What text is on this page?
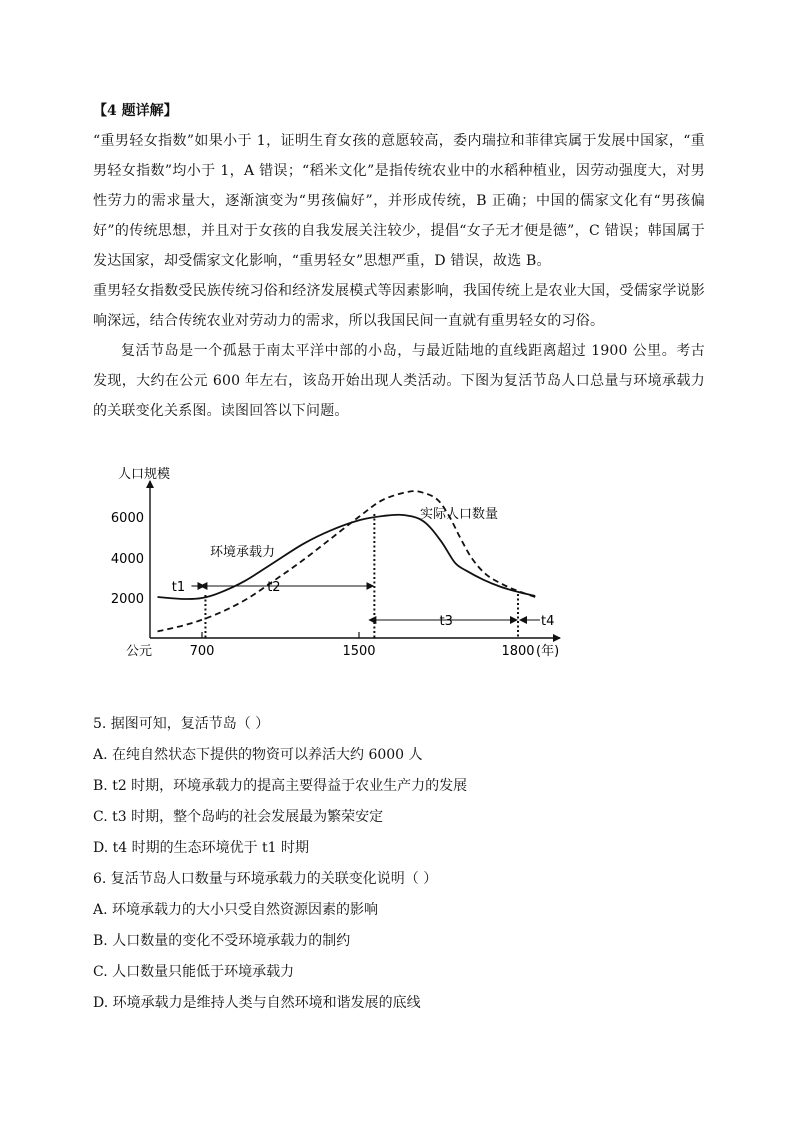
【4 题详解】

“重男轻女指数”如果小于 1，证明生育女孩的意愿较高，委内瑞拉和菲律宾属于发展中国家，“重男轻女指数”均小于 1，A 错误；“稻米文化”是指传统农业中的水稻种植业，因劳动强度大，对男性劳力的需求量大，逐渐演变为“男孩偏好”，并形成传统，B 正确；中国的儒家文化有“男孩偏好”的传统思想，并且对于女孩的自我发展关注较少，提倡“女子无才便是德”，C 错误；韩国属于发达国家，却受儒家文化影响，“重男轻女”思想严重，D 错误，故选 B。

重男轻女指数受民族传统习俗和经济发展模式等因素影响，我国传统上是农业大国，受儒家学说影响深远，结合传统农业对劳动力的需求，所以我国民间一直就有重男轻女的习俗。

复活节岛是一个孤悬于南太平洋中部的小岛，与最近陆地的直线距离超过 1900 公里。考古发现，大约在公元 600 年左右，该岛开始出现人类活动。下图为复活节岛人口总量与环境承载力的关联变化关系图。读图回答以下问题。

人口规模
公元
2000
4000
6000
700	1500	1800 (年)
t1	t2
t3	t4
环境承载力
实际人口数量

5. 据图可知，复活节岛（ ）

A. 在纯自然状态下提供的物资可以养活大约 6000 人

B. t2 时期，环境承载力的提高主要得益于农业生产力的发展

C. t3 时期，整个岛屿的社会发展最为繁荣安定

D. t4 时期的生态环境优于 t1 时期

6. 复活节岛人口数量与环境承载力的关联变化说明（ ）

A. 环境承载力的大小只受自然资源因素的影响

B. 人口数量的变化不受环境承载力的制约

C. 人口数量只能低于环境承载力

D. 环境承载力是维持人类与自然环境和谐发展的底线
